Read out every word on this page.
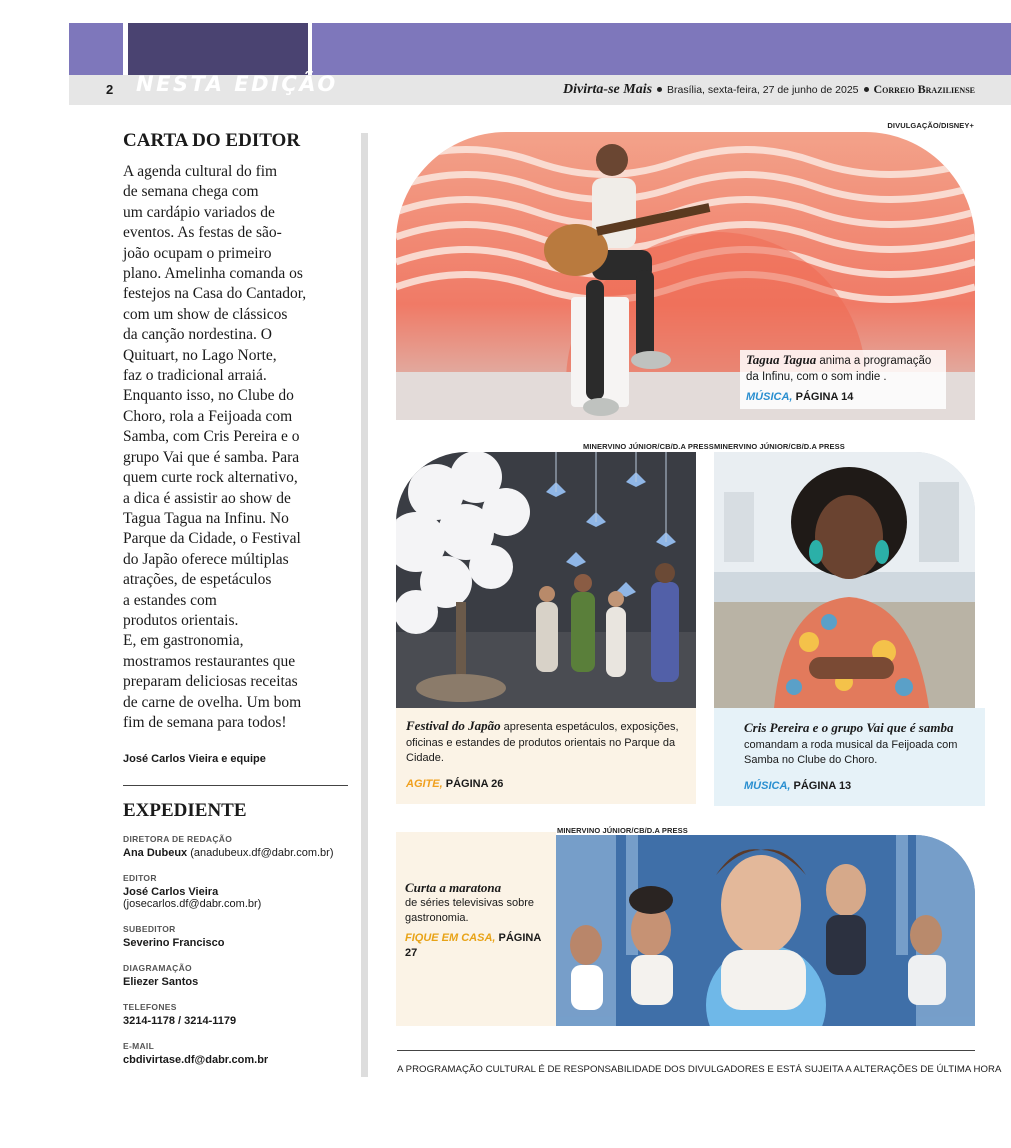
2 NESTA EDIÇÃO	Divirta-se Mais Brasília, sexta-feira, 27 de junho de 2025 Correio Braziliense
CARTA DO EDITOR

A agenda cultural do fim
de semana chega com
um cardápio variados de
eventos. As festas de são-
joão ocupam o primeiro
plano. Amelinha comanda os
festejos na Casa do Cantador,
com um show de clássicos
da canção nordestina. O
Quituart, no Lago Norte,
faz o tradicional arraiá.
Enquanto isso, no Clube do
Choro, rola a Feijoada com
Samba, com Cris Pereira e o
grupo Vai que é samba. Para
quem curte rock alternativo,
a dica é assistir ao show de
Tagua Tagua na Infinu. No
Parque da Cidade, o Festival
do Japão oferece múltiplas
atrações, de espetáculos
a estandes com
produtos orientais.
E, em gastronomia,
mostramos restaurantes que
preparam deliciosas receitas
de carne de ovelha. Um bom
fim de semana para todos!

José Carlos Vieira e equipe
EXPEDIENTE
DIRETORA DE REDAÇÃO
Ana Dubeux (anadubeux.df@dabr.com.br)
EDITOR
José Carlos Vieira (josecarlos.df@dabr.com.br)
SUBEDITOR
Severino Francisco
DIAGRAMAÇÃO
Eliezer Santos
TELEFONES
3214-1178 / 3214-1179
E-MAIL
cbdivirtase.df@dabr.com.br
DIVULGAÇÃO/DISNEY+
Tagua Tagua anima a programação da Infinu, com o som indie .
MÚSICA, PÁGINA 14
MINERVINO JÚNIOR/CB/D.A PRESS
Festival do Japão apresenta espetáculos, exposições, oficinas e estandes de produtos orientais no Parque da Cidade.
AGITE, PÁGINA 26
MINERVINO JÚNIOR/CB/D.A PRESS
Cris Pereira e o grupo Vai que é samba comandam a roda musical da Feijoada com Samba no Clube do Choro.
MÚSICA, PÁGINA 13
Curta a maratona
de séries televisivas sobre gastronomia.
FIQUE EM CASA, PÁGINA 27
MINERVINO JÚNIOR/CB/D.A PRESS
A PROGRAMAÇÃO CULTURAL É DE RESPONSABILIDADE DOS DIVULGADORES E ESTÁ SUJEITA A ALTERAÇÕES DE ÚLTIMA HORA
